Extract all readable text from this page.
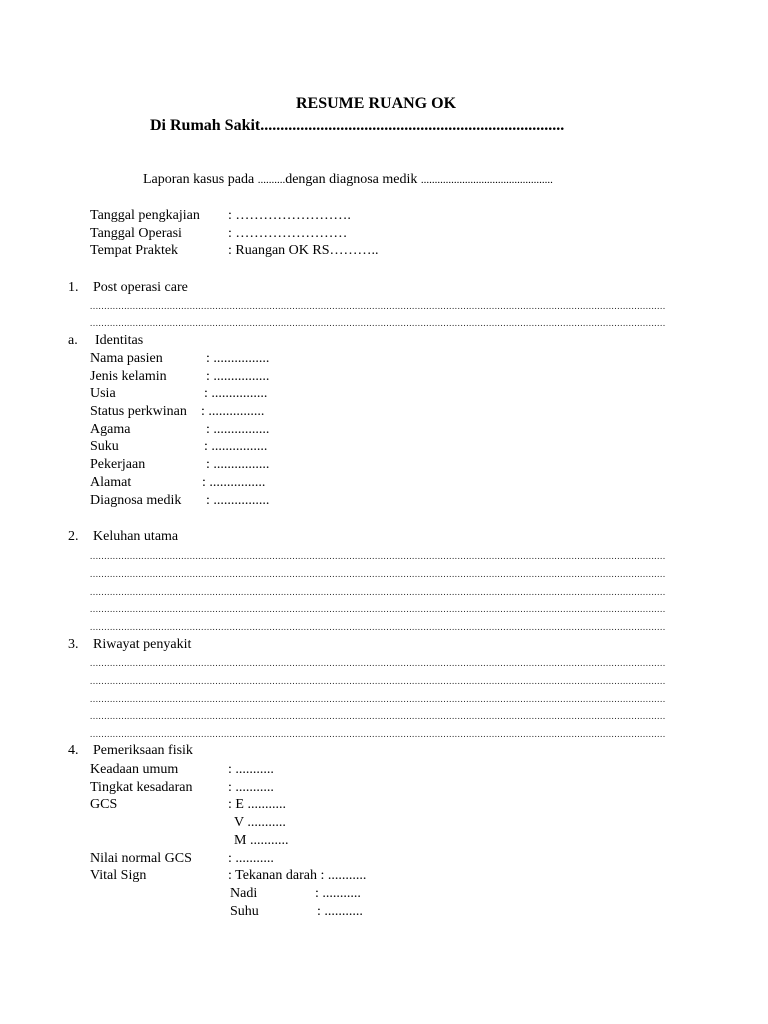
RESUME RUANG OK
Di Rumah Sakit............................................................................
Laporan kasus pada ..........dengan diagnosa medik ................................................
Tanggal pengkajian : …………………….
Tanggal Operasi	: ……………………
Tempat Praktek	: Ruangan OK RS………..
1. Post operasi care
..........................................................................................................................................................................................................
..........................................................................................................................................................................................................
a. Identitas
Nama pasien	: ................
Jenis kelamin	: ................
Usia	: ................
Status perkwinan : ................
Agama	: ................
Suku	: ................
Pekerjaan	: ................
Alamat	: ................
Diagnosa medik : ................
2. Keluhan utama
..........................................................................................................................................................................................................
..........................................................................................................................................................................................................
..........................................................................................................................................................................................................
..........................................................................................................................................................................................................
..........................................................................................................................................................................................................
3. Riwayat penyakit
..........................................................................................................................................................................................................
..........................................................................................................................................................................................................
..........................................................................................................................................................................................................
..........................................................................................................................................................................................................
..........................................................................................................................................................................................................
4. Pemeriksaan fisik
Keadaan umum	: ...........
Tingkat kesadaran	: ...........
GCS	: E ...........
V ...........
M ...........
Nilai normal GCS	: ...........
Vital Sign	: Tekanan darah : ...........
Nadi	: ...........
Suhu	: ...........
